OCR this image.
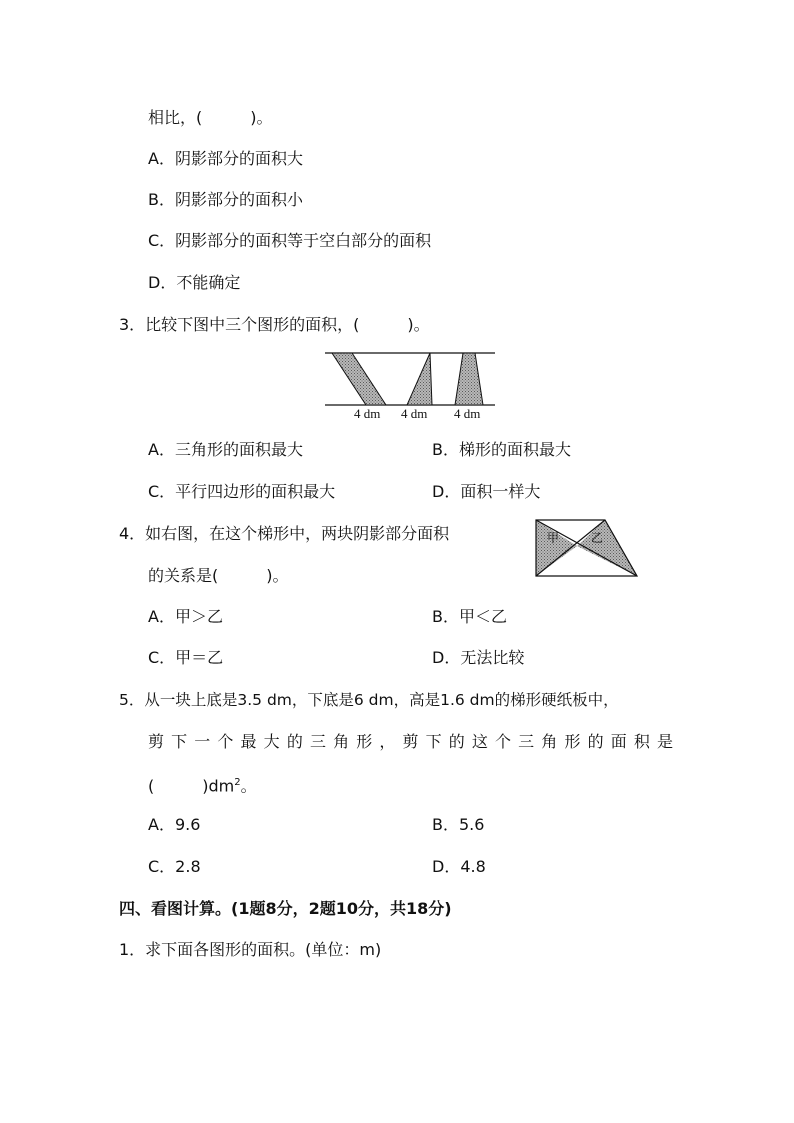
相比，(　　　)。
A．阴影部分的面积大
B．阴影部分的面积小
C．阴影部分的面积等于空白部分的面积
D．不能确定
3．比较下图中三个图形的面积，(　　　)。
4 dm 4 dm 4 dm
A．三角形的面积最大	B．梯形的面积最大
C．平行四边形的面积最大	D．面积一样大
4．如右图，在这个梯形中，两块阴影部分面积
的关系是(　　　)。
甲	乙
A．甲＞乙	B．甲＜乙
C．甲＝乙	D．无法比较
5．从一块上底是3.5 dm，下底是6 dm，高是1.6 dm的梯形硬纸板中，
剪下一个最大的三角形，剪下的这个三角形的面积是
(　　　)$dm^2$。
A．9.6	B．5.6
C．2.8	D．4.8
四、看图计算。(1题8分，2题10分，共18分)
1．求下面各图形的面积。(单位：m)
